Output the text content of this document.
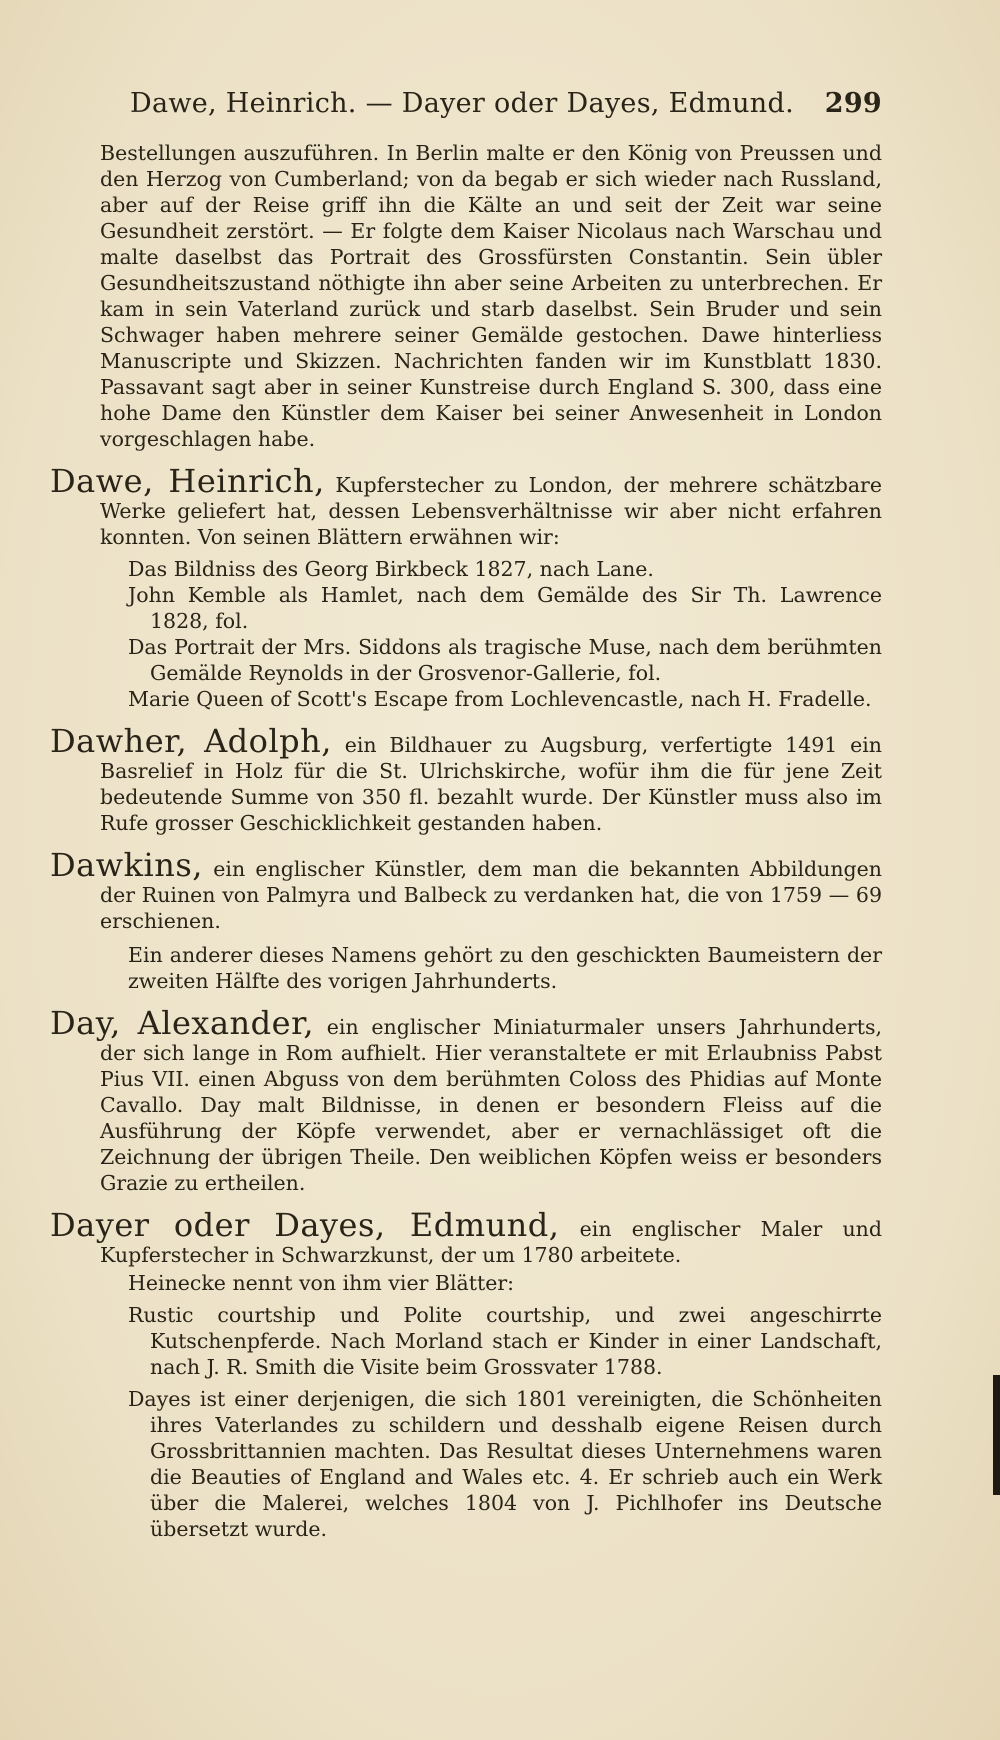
Dawe, Heinrich. — Dayer oder Dayes, Edmund. 299

Bestellungen auszuführen. In Berlin malte er den König von Preussen und den Herzog von Cumberland; von da begab er sich wieder nach Russland, aber auf der Reise griff ihn die Kälte an und seit der Zeit war seine Gesundheit zerstört. — Er folgte dem Kaiser Nicolaus nach Warschau und malte daselbst das Portrait des Grossfürsten Constantin. Sein übler Gesundheitszustand nöthigte ihn aber seine Arbeiten zu unterbrechen. Er kam in sein Vaterland zurück und starb daselbst. Sein Bruder und sein Schwager haben mehrere seiner Gemälde gestochen. Dawe hinterliess Manuscripte und Skizzen. Nachrichten fanden wir im Kunstblatt 1830. Passavant sagt aber in seiner Kunstreise durch England S. 300, dass eine hohe Dame den Künstler dem Kaiser bei seiner Anwesenheit in London vorgeschlagen habe.

Dawe, Heinrich, Kupferstecher zu London, der mehrere schätzbare Werke geliefert hat, dessen Lebensverhältnisse wir aber nicht erfahren konnten. Von seinen Blättern erwähnen wir:

Das Bildniss des Georg Birkbeck 1827, nach Lane.
John Kemble als Hamlet, nach dem Gemälde des Sir Th. Lawrence 1828, fol.
Das Portrait der Mrs. Siddons als tragische Muse, nach dem berühmten Gemälde Reynolds in der Grosvenor-Gallerie, fol.
Marie Queen of Scott's Escape from Lochlevencastle, nach H. Fradelle.

Dawher, Adolph, ein Bildhauer zu Augsburg, verfertigte 1491 ein Basrelief in Holz für die St. Ulrichskirche, wofür ihm die für jene Zeit bedeutende Summe von 350 fl. bezahlt wurde. Der Künstler muss also im Rufe grosser Geschicklichkeit gestanden haben.

Dawkins, ein englischer Künstler, dem man die bekannten Abbildungen der Ruinen von Palmyra und Balbeck zu verdanken hat, die von 1759 — 69 erschienen.

Ein anderer dieses Namens gehört zu den geschickten Baumeistern der zweiten Hälfte des vorigen Jahrhunderts.

Day, Alexander, ein englischer Miniaturmaler unsers Jahrhunderts, der sich lange in Rom aufhielt. Hier veranstaltete er mit Erlaubniss Pabst Pius VII. einen Abguss von dem berühmten Coloss des Phidias auf Monte Cavallo. Day malt Bildnisse, in denen er besondern Fleiss auf die Ausführung der Köpfe verwendet, aber er vernachlässiget oft die Zeichnung der übrigen Theile. Den weiblichen Köpfen weiss er besonders Grazie zu ertheilen.

Dayer oder Dayes, Edmund, ein englischer Maler und Kupferstecher in Schwarzkunst, der um 1780 arbeitete.

Heinecke nennt von ihm vier Blätter:

Rustic courtship und Polite courtship, und zwei angeschirrte Kutschenpferde. Nach Morland stach er Kinder in einer Landschaft, nach J. R. Smith die Visite beim Grossvater 1788.
Dayes ist einer derjenigen, die sich 1801 vereinigten, die Schönheiten ihres Vaterlandes zu schildern und desshalb eigene Reisen durch Grossbrittannien machten. Das Resultat dieses Unternehmens waren die Beauties of England and Wales etc. 4. Er schrieb auch ein Werk über die Malerei, welches 1804 von J. Pichlhofer ins Deutsche übersetzt wurde.
